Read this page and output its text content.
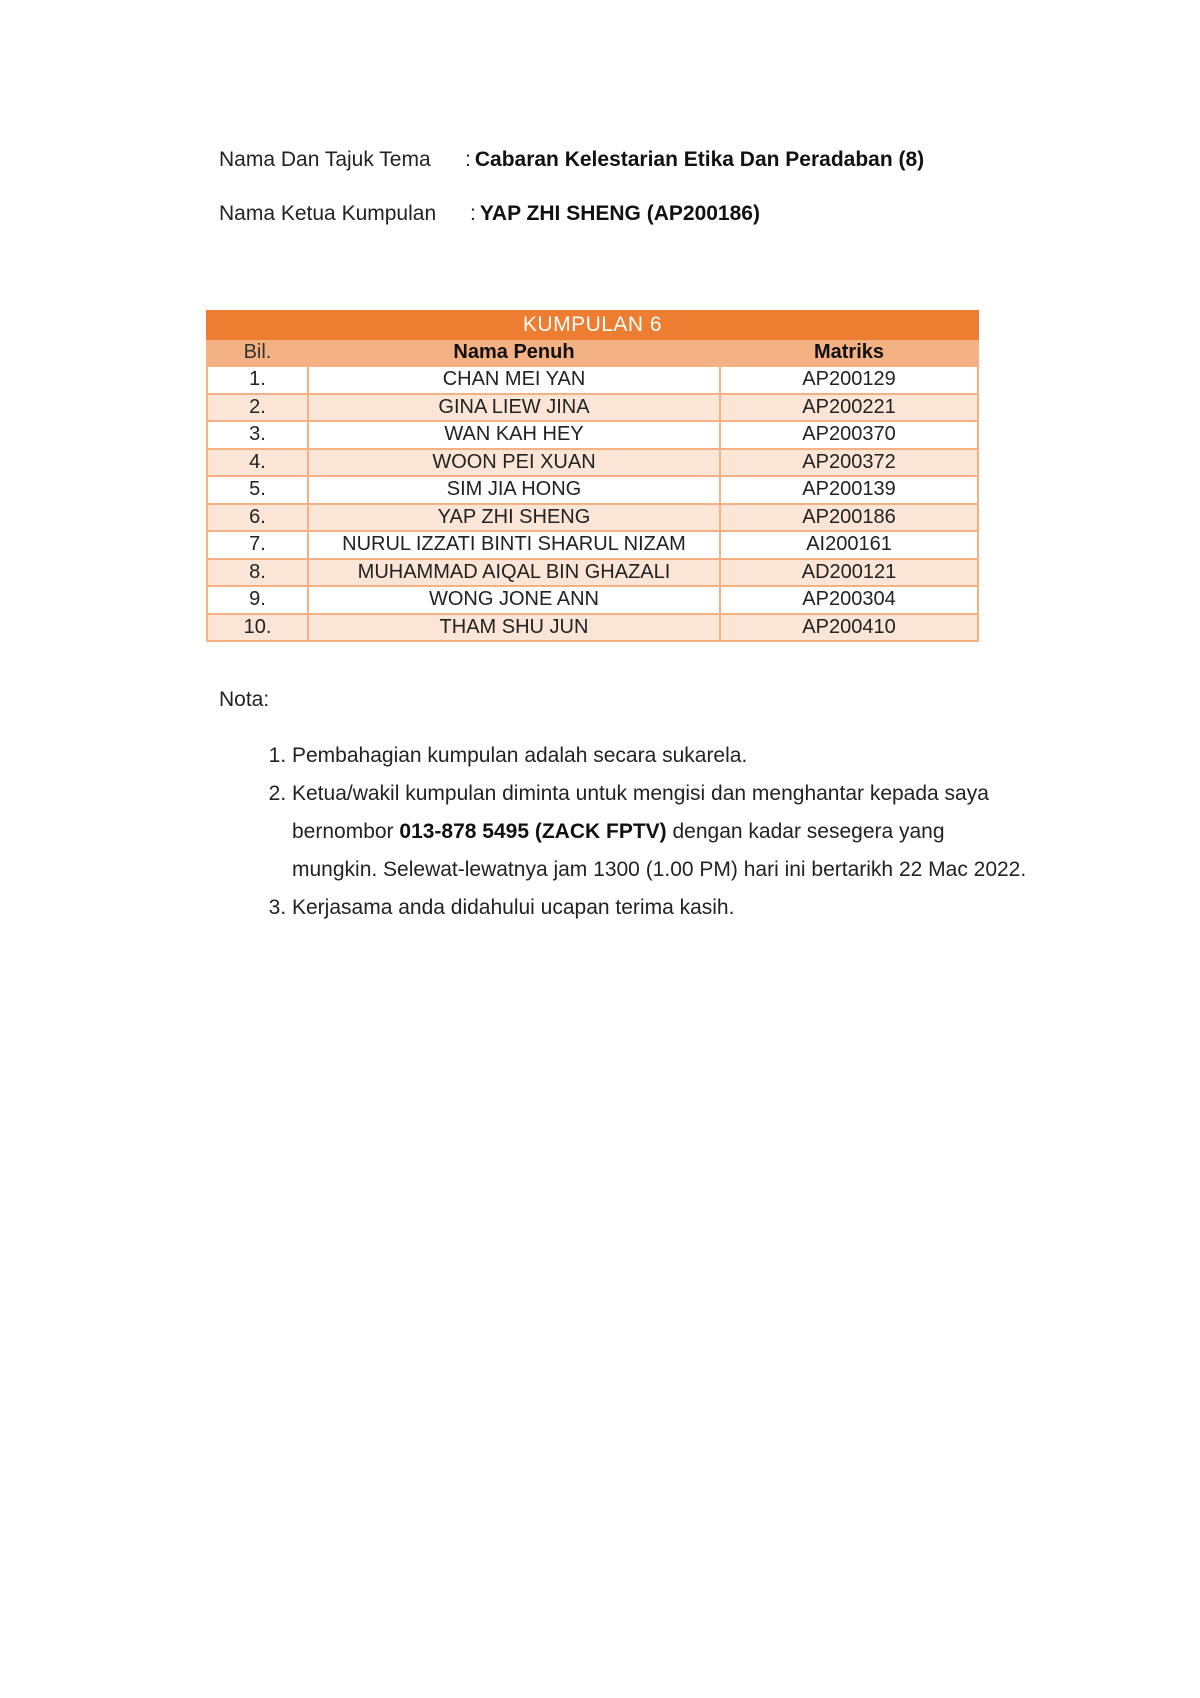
Nama Dan Tajuk Tema : Cabaran Kelestarian Etika Dan Peradaban (8)
Nama Ketua Kumpulan : YAP ZHI SHENG (AP200186)
KUMPULAN 6		
Bil.	Nama Penuh	Matriks
1.	CHAN MEI YAN	AP200129
2.	GINA LIEW JINA	AP200221
3.	WAN KAH HEY	AP200370
4.	WOON PEI XUAN	AP200372
5.	SIM JIA HONG	AP200139
6.	YAP ZHI SHENG	AP200186
7.	NURUL IZZATI BINTI SHARUL NIZAM	AI200161
8.	MUHAMMAD AIQAL BIN GHAZALI	AD200121
9.	WONG JONE ANN	AP200304
10.	THAM SHU JUN	AP200410
Nota:
1. Pembahagian kumpulan adalah secara sukarela.
2. Ketua/wakil kumpulan diminta untuk mengisi dan menghantar kepada saya bernombor 013-878 5495 (ZACK FPTV) dengan kadar sesegera yang mungkin. Selewat-lewatnya jam 1300 (1.00 PM) hari ini bertarikh 22 Mac 2022.
3. Kerjasama anda didahului ucapan terima kasih.
